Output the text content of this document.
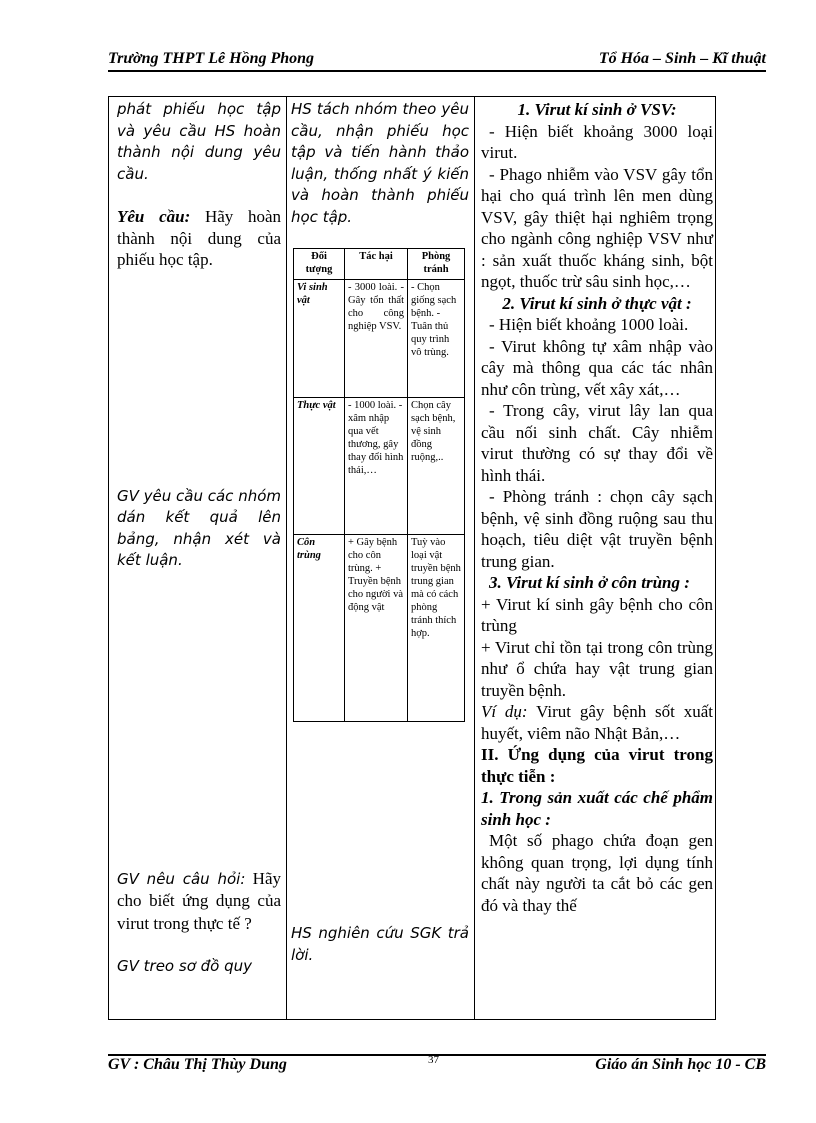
Trường THPT Lê Hồng Phong	Tổ Hóa – Sinh – Kĩ thuật

phát phiếu học tập và yêu cầu HS hoàn thành nội dung yêu cầu.

Yêu cầu: Hãy hoàn thành nội dung của phiếu học tập.

GV yêu cầu các nhóm dán kết quả lên bảng, nhận xét và kết luận.

GV nêu câu hỏi: Hãy cho biết ứng dụng của virut trong thực tế ?

GV treo sơ đồ quy

HS tách nhóm theo yêu cầu, nhận phiếu học tập và tiến hành thảo luận, thống nhất ý kiến và hoàn thành phiếu học tập.

HS nghiên cứu SGK trả lời.

Đối tượng	Tác hại	Phòng tránh
Vi sinh vật	- 3000 loài. - Gây tổn thất cho công nghiệp VSV.	- Chọn giống sạch bệnh. - Tuân thủ quy trình vô trùng.
Thực vật	- 1000 loài. - xâm nhập qua vết thương, gây thay đổi hình thái,…	Chọn cây sạch bệnh, vệ sinh đồng ruộng,..
Côn trùng	+ Gây bệnh cho côn trùng. + Truyền bệnh cho người và động vật	Tuỳ vào loại vật truyền bệnh trung gian mà có cách phòng tránh thích hợp.

1. Virut kí sinh ở VSV:

- Hiện biết khoảng 3000 loại virut.

- Phago nhiễm vào VSV gây tổn hại cho quá trình lên men dùng VSV, gây thiệt hại nghiêm trọng cho ngành công nghiệp VSV như : sản xuất thuốc kháng sinh, bột ngọt, thuốc trừ sâu sinh học,…

2. Virut kí sinh ở thực vật :

- Hiện biết khoảng 1000 loài.

- Virut không tự xâm nhập vào cây mà thông qua các tác nhân như côn trùng, vết xây xát,…

- Trong cây, virut lây lan qua cầu nối sinh chất. Cây nhiễm virut thường có sự thay đổi về hình thái.

- Phòng tránh : chọn cây sạch bệnh, vệ sinh đồng ruộng sau thu hoạch, tiêu diệt vật truyền bệnh trung gian.

3. Virut kí sinh ở côn trùng :

+ Virut kí sinh gây bệnh cho côn trùng

+ Virut chỉ tồn tại trong côn trùng như ổ chứa hay vật trung gian truyền bệnh.

Ví dụ: Virut gây bệnh sốt xuất huyết, viêm não Nhật Bản,…

II. Ứng dụng của virut trong thực tiễn :

1. Trong sản xuất các chế phẩm sinh học :

Một số phago chứa đoạn gen không quan trọng, lợi dụng tính chất này người ta cắt bỏ các gen đó và thay thế

GV : Châu Thị Thùy Dung	37	Giáo án Sinh học 10 - CB
